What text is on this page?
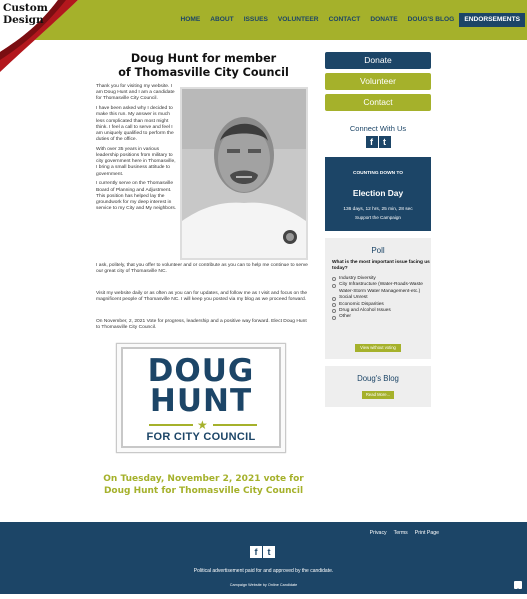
Custom
Design	HOME	ABOUT	ISSUES	VOLUNTEER	CONTACT	DONATE	DOUG'S BLOG	ENDORSEMENTS
Doug Hunt for member
of Thomasville City Council

Thank you for visiting my website. I am Doug Hunt and I am a candidate for Thomasville City Council.

I have been asked why I decided to make this run. My answer is much less complicated than most might think. I feel a call to serve and feel I am uniquely qualified to perform the duties of the office.

With over 35 years in various leadership positions from military to city government here in Thomasville, I bring a small business attitude to government.

I currently serve on the Thomasville Board of Planning and Adjustment. This position has helped lay the groundwork for my deep interest in service to my City and My neighbors.

I ask, politely, that you offer to volunteer and or contribute as you can to help me continue to serve our great city of Thomasville NC.

Visit my website daily or as often as you can for updates, and follow me as I visit and focus on the magnificent people of Thomasville NC. I will keep you posted via my blog as we proceed forward.

On November, 2, 2021 Vote for progress, leadership and a positive way forward. Elect Doug Hunt to Thomasville City Council.

DOUG
HUNT
★
FOR CITY COUNCIL
On Tuesday, November 2, 2021 vote for
Doug Hunt for Thomasville City Council
Donate
Volunteer
Contact
Connect With Us
f	t
COUNTING DOWN TO
Election Day
136 days, 12 hrs, 25 min, 28 sec
Support the Campaign
Poll
What is the most important issue facing us today?
Industry Diversity
City Infrastructure (Water-Roads-Waste Water-Storm Water Management-etc.)
Social Unrest
Economic Disparities
Drug and Alcohol Issues
Other
View without voting
Doug's Blog
Read More...
Privacy Terms Print Page
f	t
Political advertisement paid for and approved by the candidate.
Campaign Website by Online Candidate
